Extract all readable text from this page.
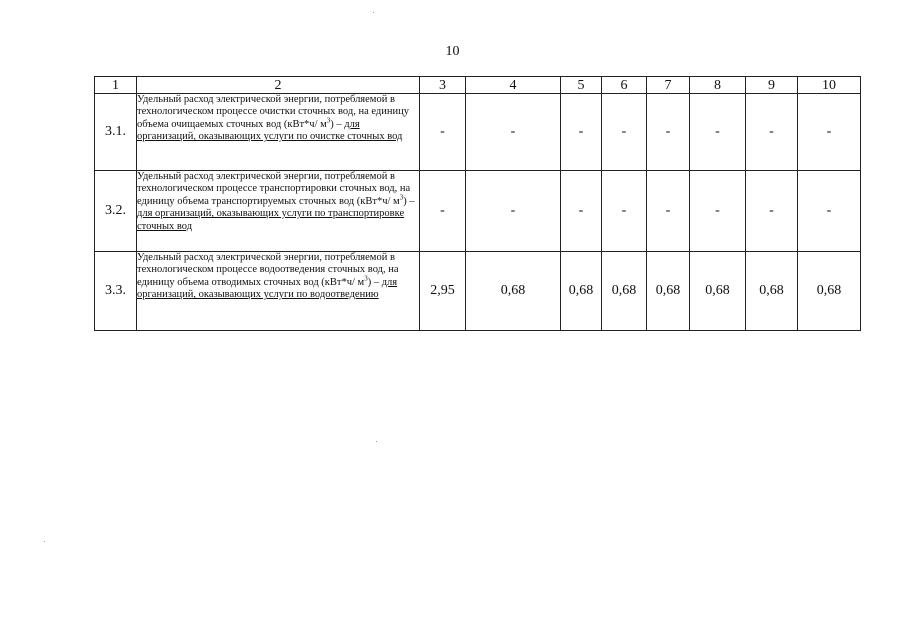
10
1	2	3	4	5	6	7	8	9	10
3.1.	Удельный расход электрической энергии, потребляемой в технологическом процессе очистки сточных вод, на единицу объема очищаемых сточных вод (кВт*ч/ $м^3$) – для организаций, оказывающих услуги по очистке сточных вод	-	-	-	-	-	-	-	-
3.2.	Удельный расход электрической энергии, потребляемой в технологическом процессе транспортировки сточных вод, на единицу объема транспортируемых сточных вод (кВт*ч/ $м^3$) – для организаций, оказывающих услуги по транспортировке сточных вод	-	-	-	-	-	-	-	-
3.3.	Удельный расход электрической энергии, потребляемой в технологическом процессе водоотведения сточных вод, на единицу объема отводимых сточных вод (кВт*ч/ $м^3$) – для организаций, оказывающих услуги по водоотведению	2,95	0,68	0,68	0,68	0,68	0,68	0,68	0,68
